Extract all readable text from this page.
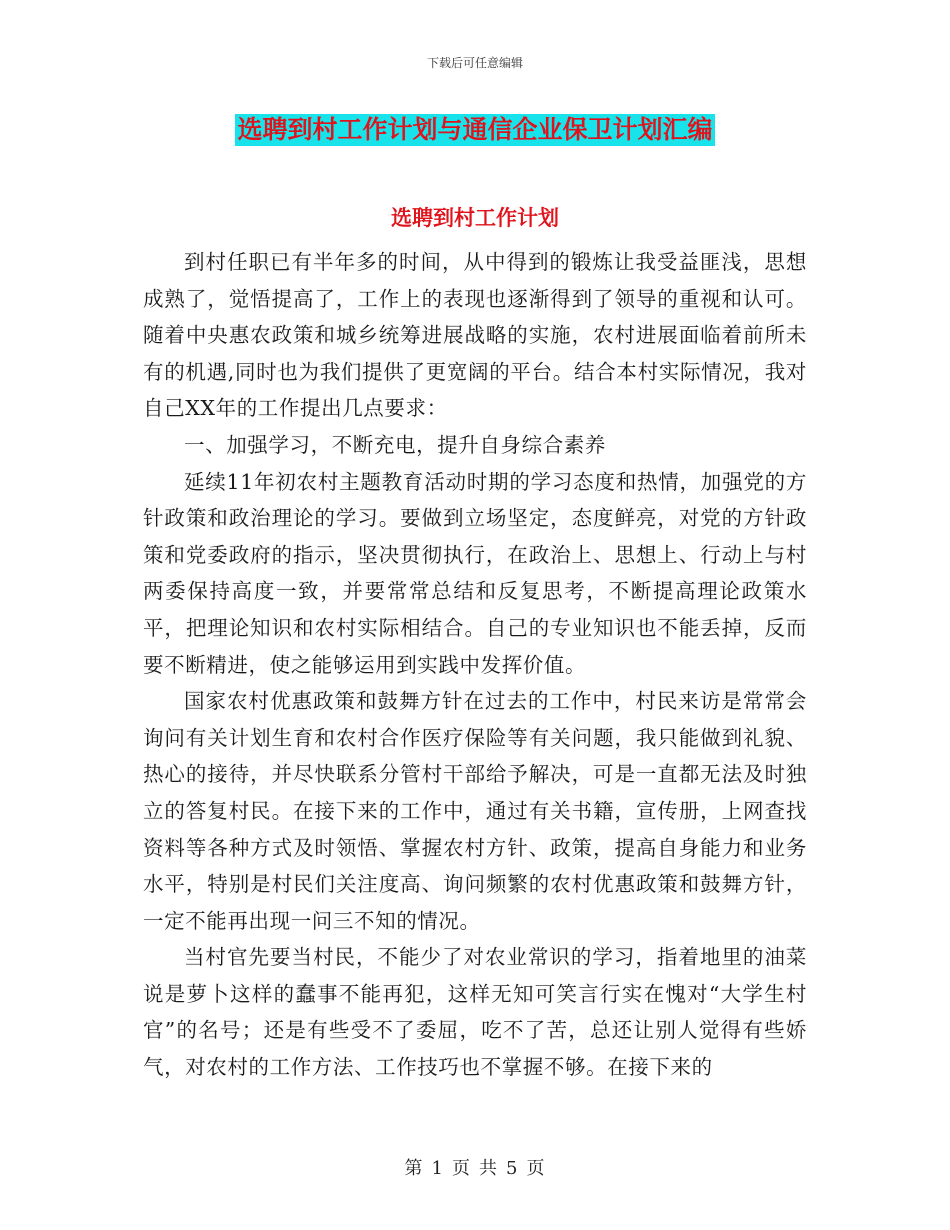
下载后可任意编辑
选聘到村工作计划与通信企业保卫计划汇编
选聘到村工作计划

到村任职已有半年多的时间，从中得到的锻炼让我受益匪浅，思想成熟了，觉悟提高了，工作上的表现也逐渐得到了领导的重视和认可。随着中央惠农政策和城乡统筹进展战略的实施，农村进展面临着前所未有的机遇,同时也为我们提供了更宽阔的平台。结合本村实际情况，我对自己XX年的工作提出几点要求：

一、加强学习，不断充电，提升自身综合素养

延续11年初农村主题教育活动时期的学习态度和热情，加强党的方针政策和政治理论的学习。要做到立场坚定，态度鲜亮，对党的方针政策和党委政府的指示，坚决贯彻执行，在政治上、思想上、行动上与村两委保持高度一致，并要常常总结和反复思考，不断提高理论政策水平，把理论知识和农村实际相结合。自己的专业知识也不能丢掉，反而要不断精进，使之能够运用到实践中发挥价值。

国家农村优惠政策和鼓舞方针在过去的工作中，村民来访是常常会询问有关计划生育和农村合作医疗保险等有关问题，我只能做到礼貌、热心的接待，并尽快联系分管村干部给予解决，可是一直都无法及时独立的答复村民。在接下来的工作中，通过有关书籍，宣传册，上网查找资料等各种方式及时领悟、掌握农村方针、政策，提高自身能力和业务水平，特别是村民们关注度高、询问频繁的农村优惠政策和鼓舞方针，一定不能再出现一问三不知的情况。

当村官先要当村民，不能少了对农业常识的学习，指着地里的油菜说是萝卜这样的蠢事不能再犯，这样无知可笑言行实在愧对“大学生村官”的名号；还是有些受不了委屈，吃不了苦，总还让别人觉得有些娇气，对农村的工作方法、工作技巧也不掌握不够。在接下来的

第 1 页 共 5 页
